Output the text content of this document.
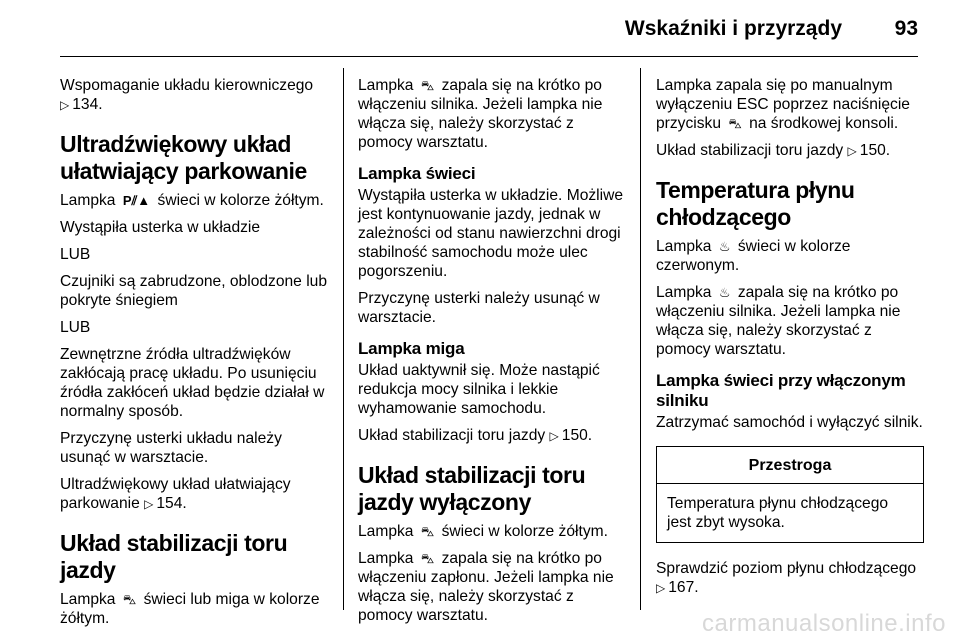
Wskaźniki i przyrządy	93

Wspomaganie układu kierowniczego
▷ 134.

Ultradźwiękowy układ ułatwiający parkowanie

Lampka P⫽▲ świeci w kolorze żółtym.

Wystąpiła usterka w układzie

LUB

Czujniki są zabrudzone, oblodzone lub pokryte śniegiem

LUB

Zewnętrzne źródła ultradźwięków zakłócają pracę układu. Po usunięciu źródła zakłóceń układ będzie działał w normalny sposób.

Przyczynę usterki układu należy usunąć w warsztacie.

Ultradźwiękowy układ ułatwiający parkowanie ▷ 154.

Układ stabilizacji toru jazdy

Lampka ⛍ świeci lub miga w kolorze żółtym.

Lampka ⛍ zapala się na krótko po włączeniu silnika. Jeżeli lampka nie włącza się, należy skorzystać z pomocy warsztatu.

Lampka świeci

Wystąpiła usterka w układzie. Możliwe jest kontynuowanie jazdy, jednak w zależności od stanu nawierzchni drogi stabilność samochodu może ulec pogorszeniu.

Przyczynę usterki należy usunąć w warsztacie.

Lampka miga

Układ uaktywnił się. Może nastąpić redukcja mocy silnika i lekkie wyhamowanie samochodu.

Układ stabilizacji toru jazdy ▷ 150.

Układ stabilizacji toru jazdy wyłączony

Lampka ⛍ świeci w kolorze żółtym.

Lampka ⛍ zapala się na krótko po włączeniu zapłonu. Jeżeli lampka nie włącza się, należy skorzystać z pomocy warsztatu.

Lampka zapala się po manualnym wyłączeniu ESC poprzez naciśnięcie przycisku ⛍ na środkowej konsoli.

Układ stabilizacji toru jazdy ▷ 150.

Temperatura płynu chłodzącego

Lampka ♨ świeci w kolorze czerwonym.

Lampka ♨ zapala się na krótko po włączeniu silnika. Jeżeli lampka nie włącza się, należy skorzystać z pomocy warsztatu.

Lampka świeci przy włączonym silniku

Zatrzymać samochód i wyłączyć silnik.

Przestroga
Temperatura płynu chłodzącego jest zbyt wysoka.

Sprawdzić poziom płynu chłodzącego ▷ 167.

carmanualsonline.info
